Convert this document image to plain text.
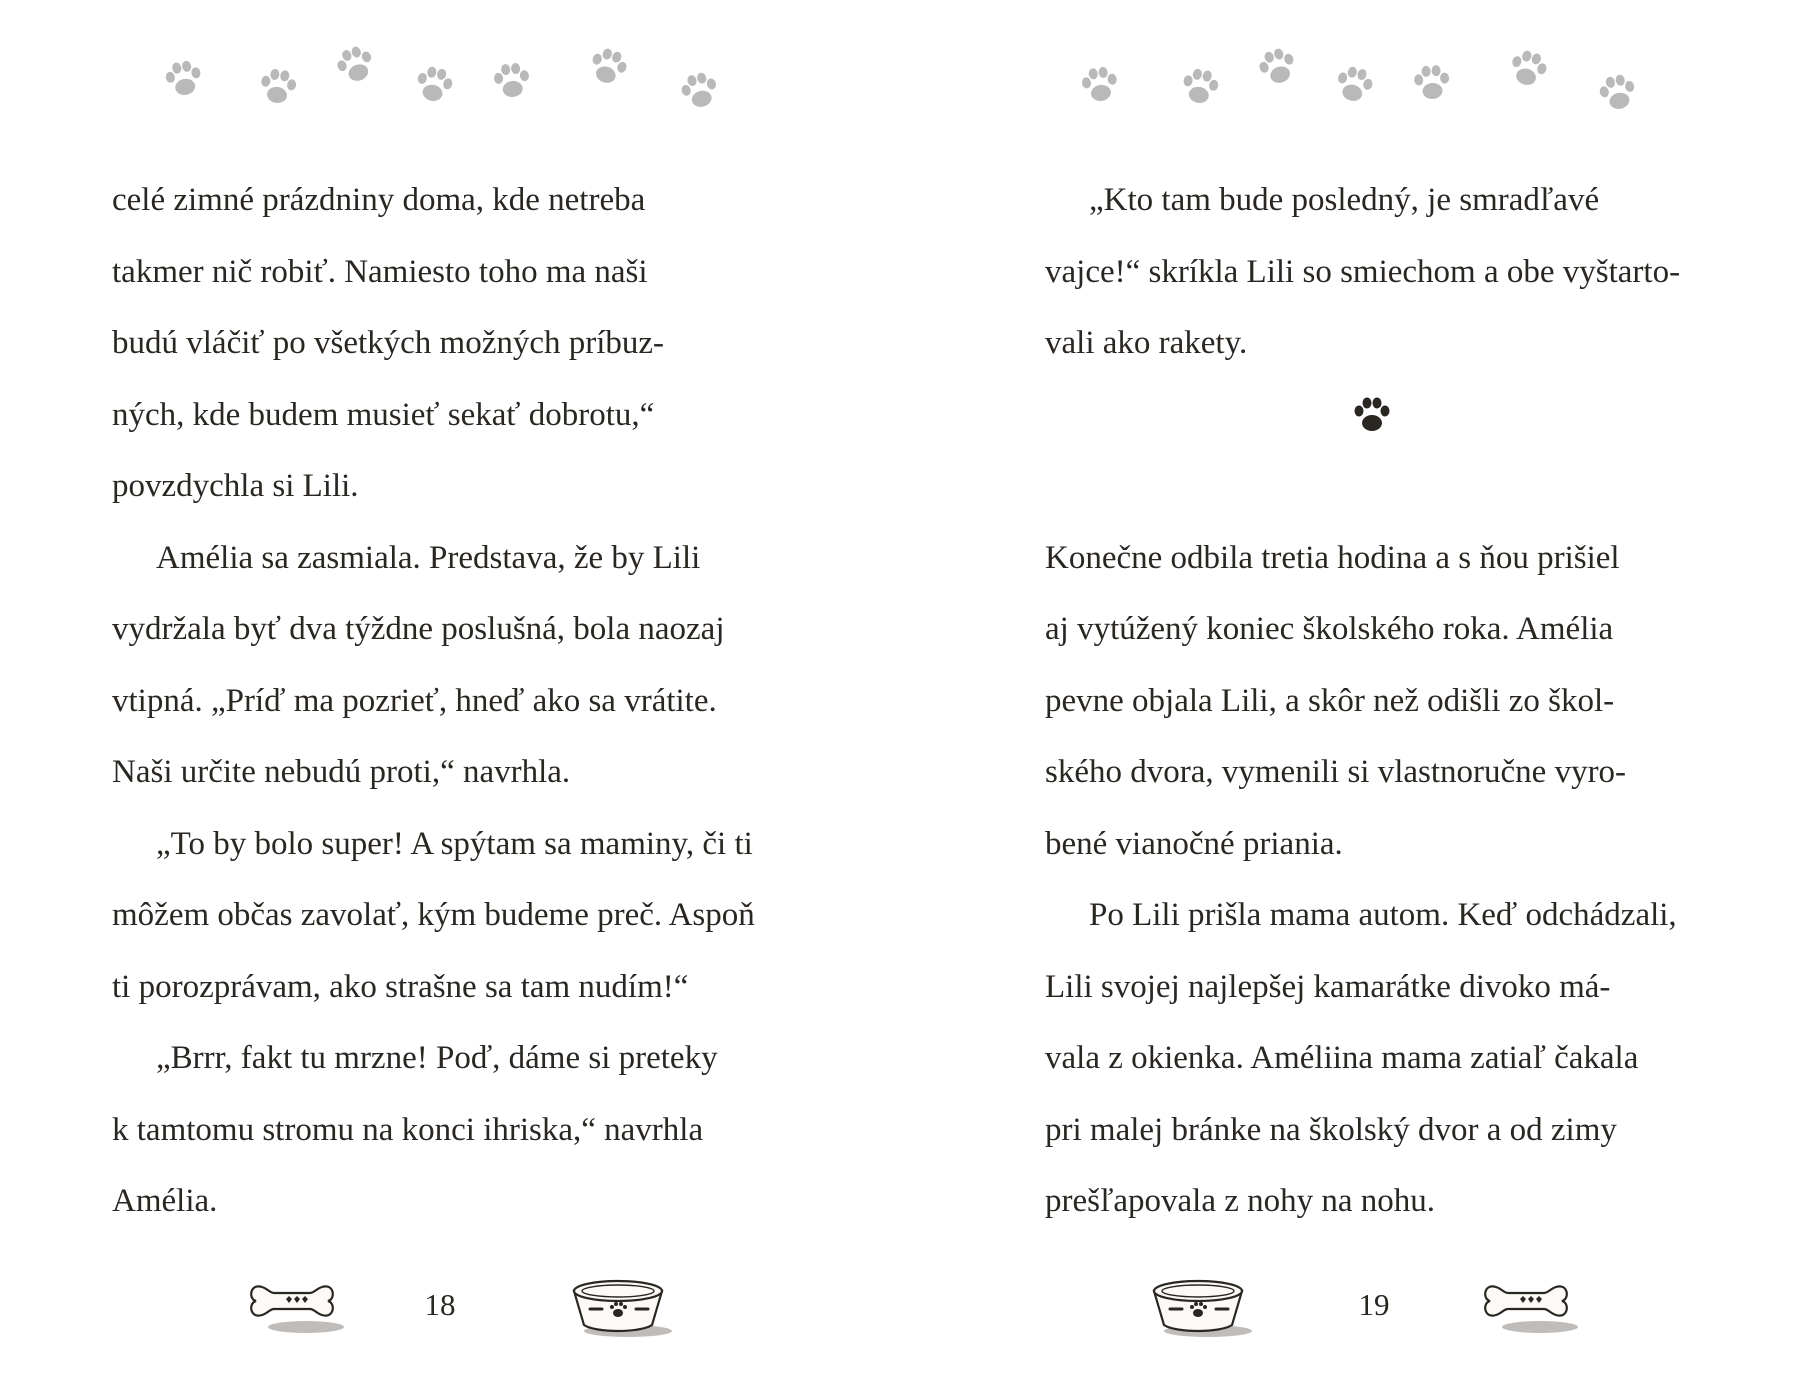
celé zimné prázdniny doma, kde netreba

takmer nič robiť. Namiesto toho ma naši

budú vláčiť po všetkých možných príbuz-

ných, kde budem musieť sekať dobrotu,“

povzdychla si Lili.

Amélia sa zasmiala. Predstava, že by Lili

vydržala byť dva týždne poslušná, bola naozaj

vtipná. „Príď ma pozrieť, hneď ako sa vrátite.

Naši určite nebudú proti,“ navrhla.

„To by bolo super! A spýtam sa maminy, či ti

môžem občas zavolať, kým budeme preč. Aspoň

ti porozprávam, ako strašne sa tam nudím!“

„Brrr, fakt tu mrzne! Poď, dáme si preteky

k tamtomu stromu na konci ihriska,“ navrhla

Amélia.

18

„Kto tam bude posledný, je smradľavé

vajce!“ skríkla Lili so smiechom a obe vyštarto-

vali ako rakety.

Konečne odbila tretia hodina a s ňou prišiel

aj vytúžený koniec školského roka. Amélia

pevne objala Lili, a skôr než odišli zo škol-

ského dvora, vymenili si vlastnoručne vyro-

bené vianočné priania.

Po Lili prišla mama autom. Keď odchádzali,

Lili svojej najlepšej kamarátke divoko má-

vala z okienka. Améliina mama zatiaľ čakala

pri malej bránke na školský dvor a od zimy

prešľapovala z nohy na nohu.

19
